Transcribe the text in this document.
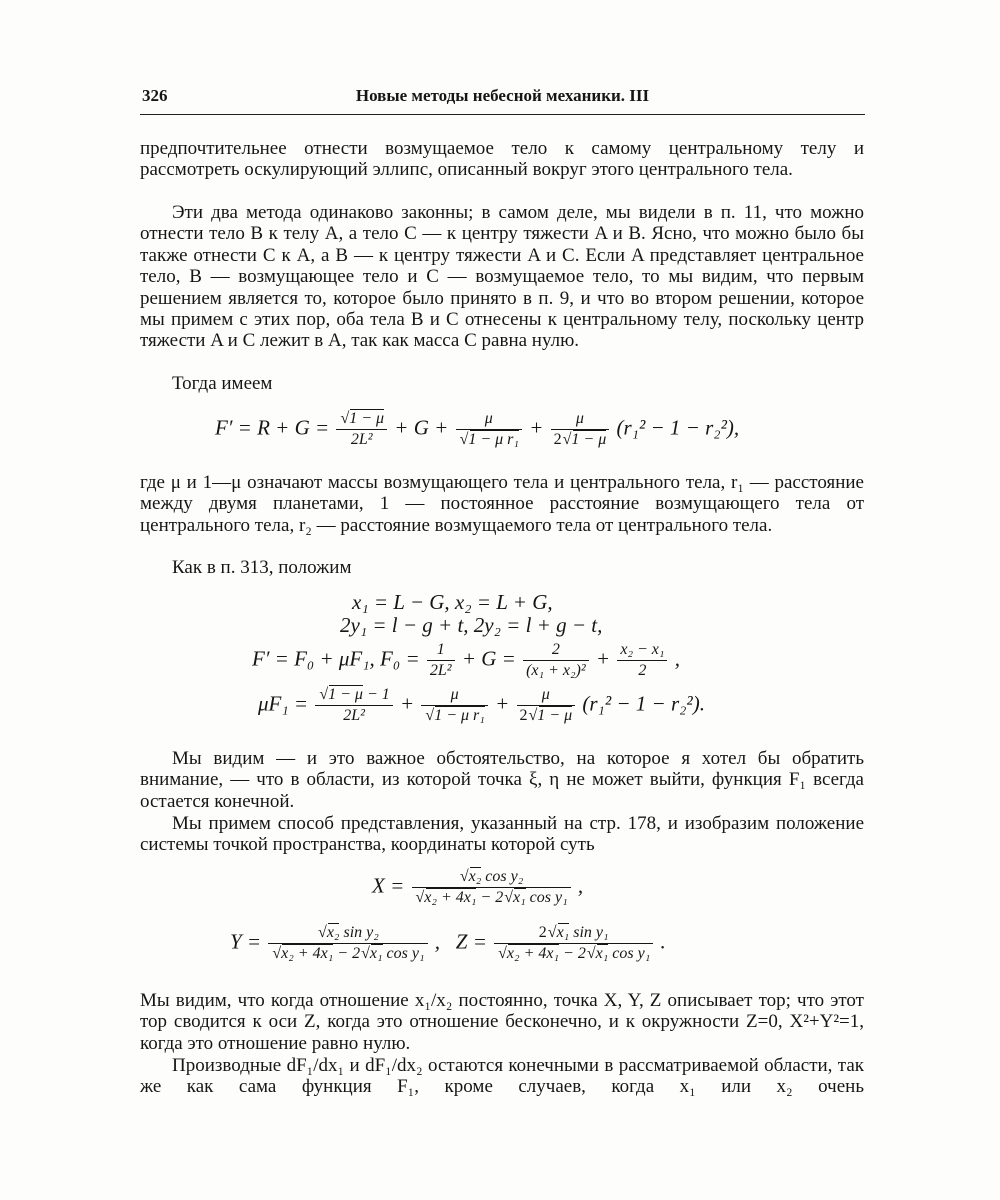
326	Новые методы небесной механики. III
предпочтительнее отнести возмущаемое тело к самому центральному телу и рассмотреть оскулирующий эллипс, описанный вокруг этого центрального тела.
Эти два метода одинаково законны; в самом деле, мы видели в п. 11, что можно отнести тело B к телу A, а тело C — к центру тяжести A и B. Ясно, что можно было бы также отнести C к A, а B — к центру тяжести A и C. Если A представляет центральное тело, B — возмущающее тело и C — возмущаемое тело, то мы видим, что первым решением является то, которое было принято в п. 9, и что во втором решении, которое мы примем с этих пор, оба тела B и C отнесены к центральному телу, поскольку центр тяжести A и C лежит в A, так как масса C равна нулю.
Тогда имеем
F′ = R + G = √ $\frac{1 - \mu}{\text{2L²}} + G + \mu$
√ 1 − μ $r_1 + \frac{\mu}{2 √ 1 - \mu} (r_1^2 - 1 - r_2^2)$,
где μ и 1—μ означают массы возмущающего тела и центрального тела, r₁ — расстояние между двумя планетами, 1 — постоянное расстояние возмущающего тела от центрального тела, r₂ — расстояние возмущаемого тела от центрального тела.
Как в п. 313, положим
x₁ = L − G, x₂ = L + G,
2y₁ = l − g + t, 2y₂ = l + g − t,
F′ = F₀ + μF₁, $F_0 = \frac{1}{\text{2L²}} + G = \frac{2}{\text{(x₁ + x₂)²}} + \frac{\text{x₂ − x₁}}{2}$ ,
μF₁ = √ $\frac{1 - \mu - 1}{\text{2L²}} + \mu$
√ 1 − μ $r_1 + \frac{\mu}{2 √ 1 - \mu} (r_1^2 - 1 - r_2^2)$.
Мы видим — и это важное обстоятельство, на которое я хотел бы обратить внимание, — что в области, из которой точка ξ, η не может выйти, функция F₁ всегда остается конечной.
Мы примем способ представления, указанный на стр. 178, и изобразим положение системы точкой пространства, координаты которой суть
X = √ x₂ cos y₂
√ x₂ + 4x₁ − 2 √ x₁ cos y₁ ,
Y = √ x₂ sin y₂
√ x₂ + 4x₁ − 2 √ x₁ cos y₁ , Z = 2 √ x₁ sin y₁
√ x₂ + 4x₁ − 2 √ x₁ cos y₁ .
Мы видим, что когда отношение x₁/x₂ постоянно, точка X, Y, Z описывает тор; что этот тор сводится к оси Z, когда это отношение бесконечно, и к окружности Z=0, X²+Y²=1, когда это отношение равно нулю.
Производные dF₁/dx₁ и dF₁/dx₂ остаются конечными в рассматриваемой области, так же как сама функция F₁, кроме случаев, когда x₁ или x₂ очень
